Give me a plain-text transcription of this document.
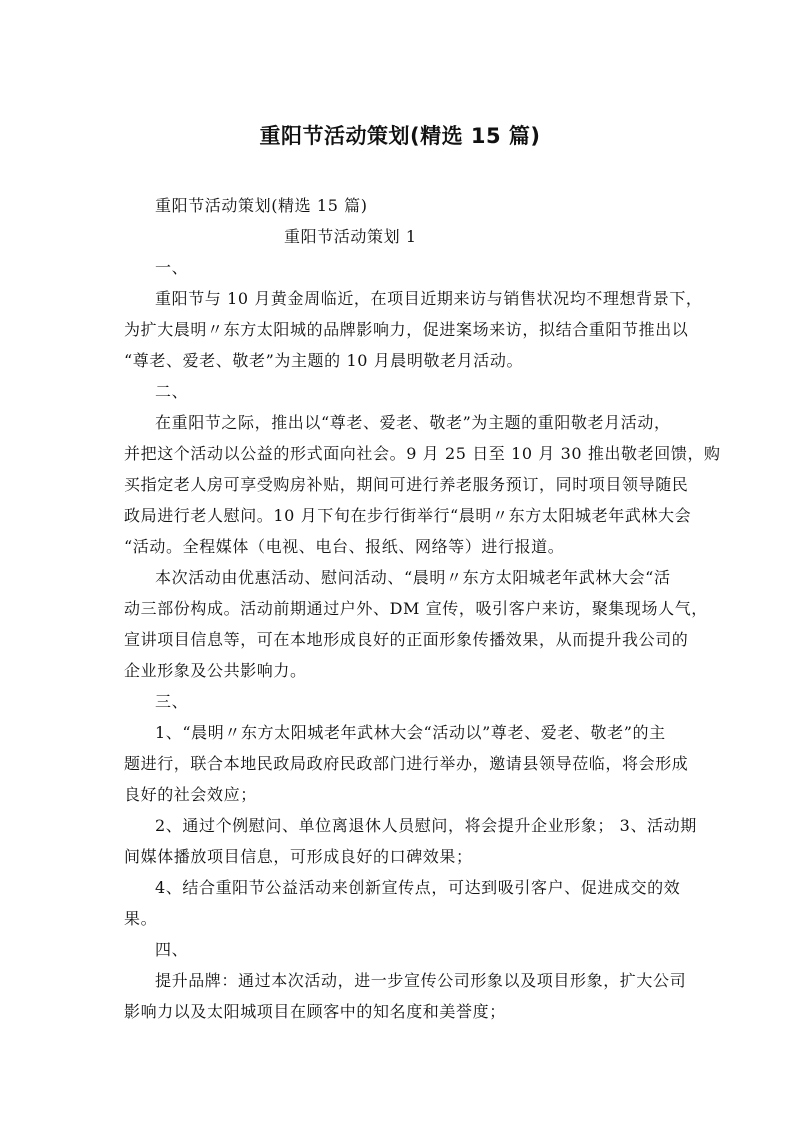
重阳节活动策划(精选 15 篇)
重阳节活动策划(精选 15 篇)
重阳节活动策划 1
一、
重阳节与 10 月黄金周临近，在项目近期来访与销售状况均不理想背景下，
为扩大晨明〃东方太阳城的品牌影响力，促进案场来访，拟结合重阳节推出以
“尊老、爱老、敬老”为主题的 10 月晨明敬老月活动。
二、
在重阳节之际，推出以“尊老、爱老、敬老”为主题的重阳敬老月活动，
并把这个活动以公益的形式面向社会。9 月 25 日至 10 月 30 推出敬老回馈，购
买指定老人房可享受购房补贴，期间可进行养老服务预订，同时项目领导随民
政局进行老人慰问。10 月下旬在步行街举行“晨明〃东方太阳城老年武林大会
“活动。全程媒体（电视、电台、报纸、网络等）进行报道。
本次活动由优惠活动、慰问活动、“晨明〃东方太阳城老年武林大会“活
动三部份构成。活动前期通过户外、DM 宣传，吸引客户来访，聚集现场人气，
宣讲项目信息等，可在本地形成良好的正面形象传播效果，从而提升我公司的
企业形象及公共影响力。
三、
1、“晨明〃东方太阳城老年武林大会“活动以”尊老、爱老、敬老”的主
题进行，联合本地民政局政府民政部门进行举办，邀请县领导莅临，将会形成
良好的社会效应；
2、通过个例慰问、单位离退休人员慰问，将会提升企业形象； 3、活动期
间媒体播放项目信息，可形成良好的口碑效果；
4、结合重阳节公益活动来创新宣传点，可达到吸引客户、促进成交的效
果。
四、
提升品牌：通过本次活动，进一步宣传公司形象以及项目形象，扩大公司
影响力以及太阳城项目在顾客中的知名度和美誉度；
